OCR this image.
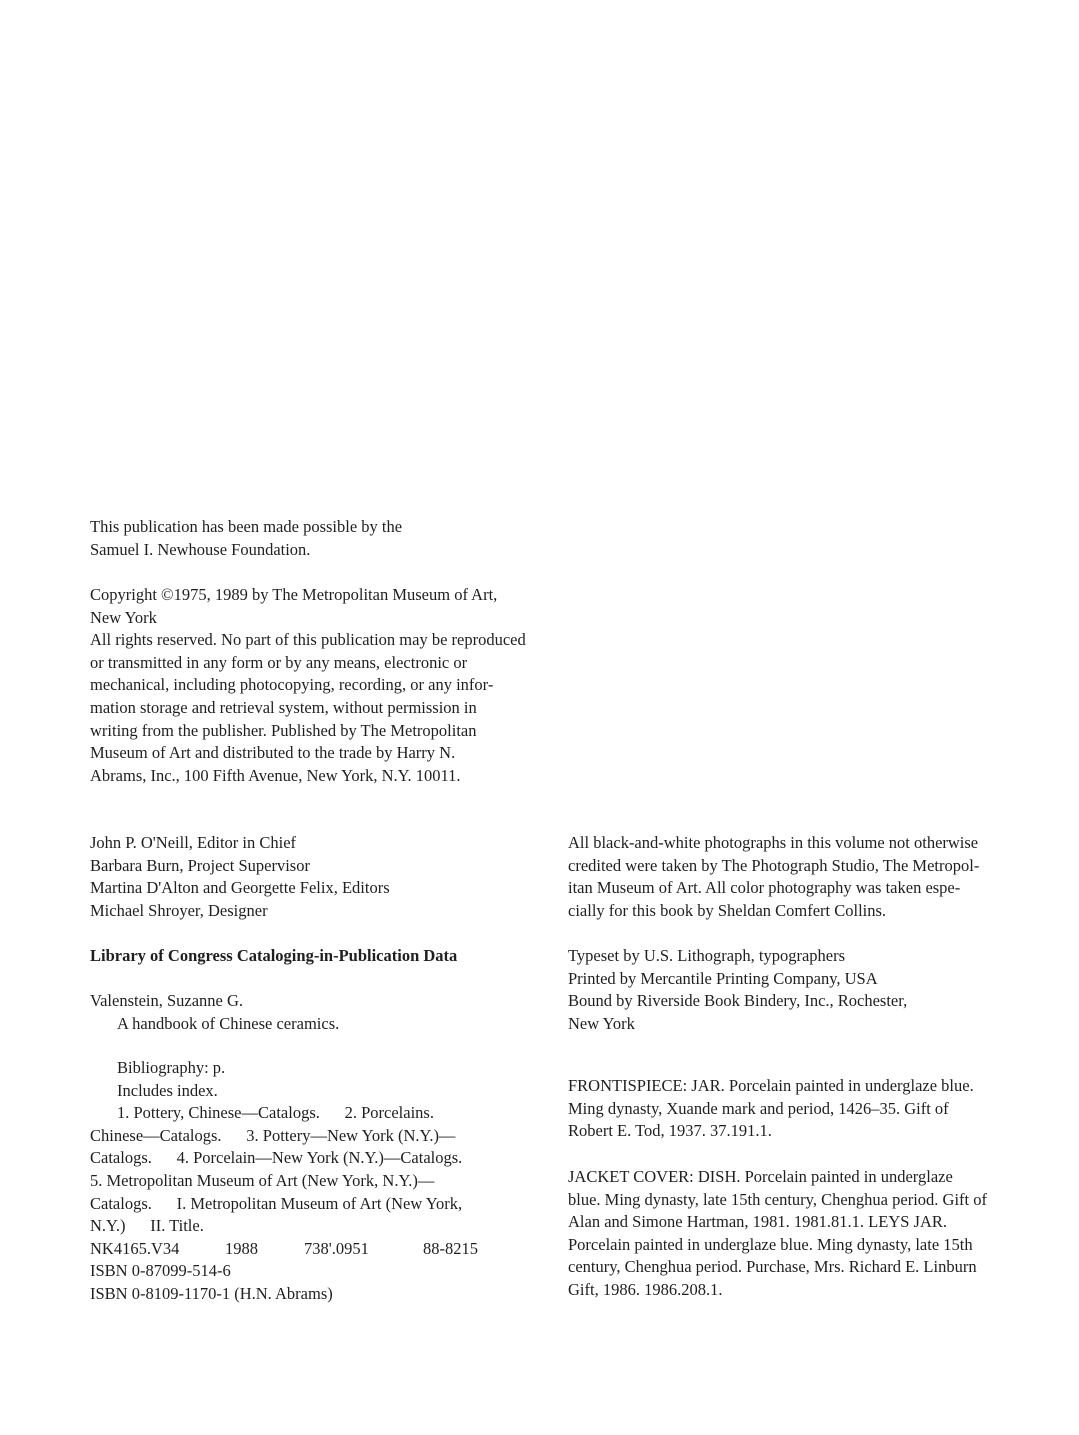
This publication has been made possible by the
Samuel I. Newhouse Foundation.
Copyright ©1975, 1989 by The Metropolitan Museum of Art,
New York
All rights reserved. No part of this publication may be reproduced
or transmitted in any form or by any means, electronic or
mechanical, including photocopying, recording, or any infor-
mation storage and retrieval system, without permission in
writing from the publisher. Published by The Metropolitan
Museum of Art and distributed to the trade by Harry N.
Abrams, Inc., 100 Fifth Avenue, New York, N.Y. 10011.
John P. O'Neill, Editor in Chief
Barbara Burn, Project Supervisor
Martina D'Alton and Georgette Felix, Editors
Michael Shroyer, Designer
Library of Congress Cataloging-in-Publication Data
Valenstein, Suzanne G.
A handbook of Chinese ceramics.
Bibliography: p.
Includes index.
1. Pottery, Chinese—Catalogs.      2. Porcelains.
Chinese—Catalogs.      3. Pottery—New York (N.Y.)—
Catalogs.      4. Porcelain—New York (N.Y.)—Catalogs.
5. Metropolitan Museum of Art (New York, N.Y.)—
Catalogs.      I. Metropolitan Museum of Art (New York,
N.Y.)      II. Title.
NK4165.V34	1988	738'.0951	88-8215
ISBN 0-87099-514-6
ISBN 0-8109-1170-1 (H.N. Abrams)
All black-and-white photographs in this volume not otherwise
credited were taken by The Photograph Studio, The Metropol-
itan Museum of Art. All color photography was taken espe-
cially for this book by Sheldan Comfert Collins.
Typeset by U.S. Lithograph, typographers
Printed by Mercantile Printing Company, USA
Bound by Riverside Book Bindery, Inc., Rochester,
New York
FRONTISPIECE: JAR. Porcelain painted in underglaze blue.
Ming dynasty, Xuande mark and period, 1426–35. Gift of
Robert E. Tod, 1937. 37.191.1.
JACKET COVER: DISH. Porcelain painted in underglaze
blue. Ming dynasty, late 15th century, Chenghua period. Gift of
Alan and Simone Hartman, 1981. 1981.81.1. LEYS JAR.
Porcelain painted in underglaze blue. Ming dynasty, late 15th
century, Chenghua period. Purchase, Mrs. Richard E. Linburn
Gift, 1986. 1986.208.1.
